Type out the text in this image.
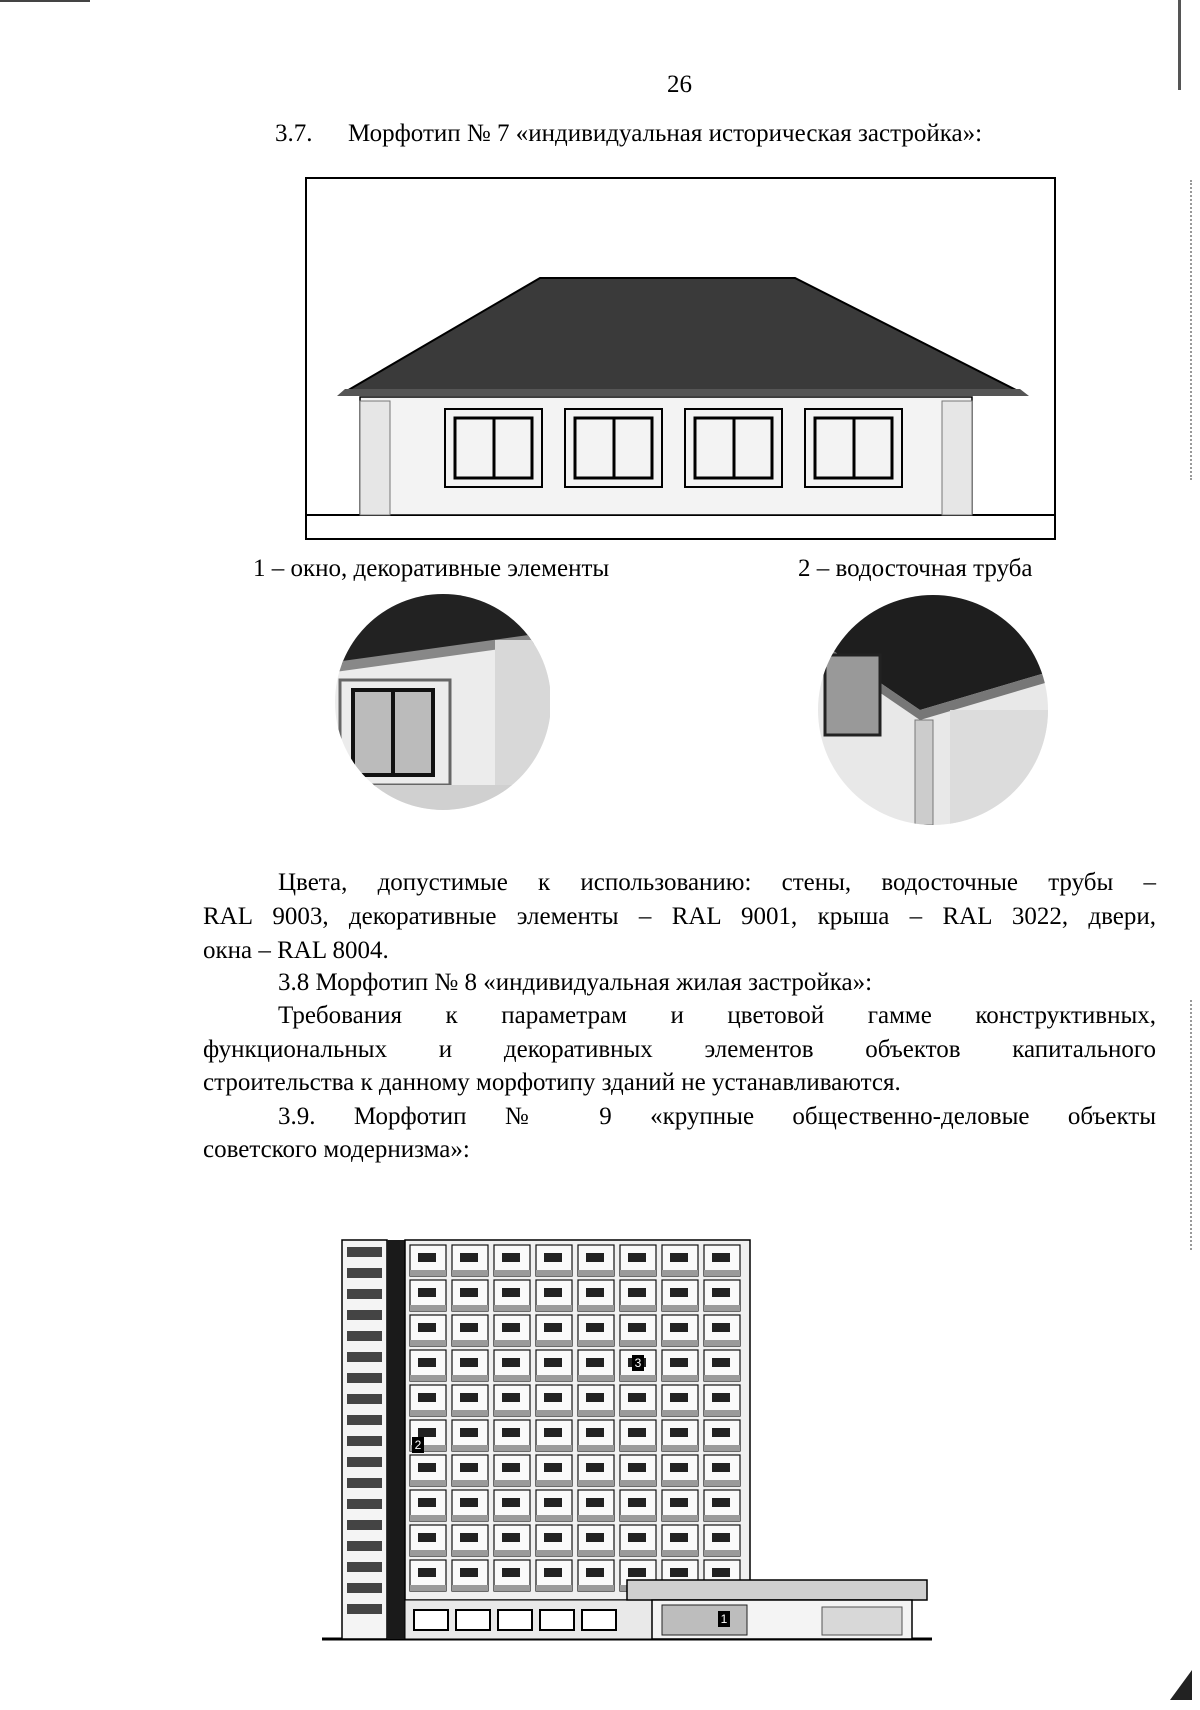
26
3.7. Морфотип № 7 «индивидуальная историческая застройка»:
1 – окно, декоративные элементы	2 – водосточная труба
Цвета, допустимые к использованию: стены, водосточные трубы –
RAL 9003, декоративные элементы – RAL 9001, крыша – RAL 3022, двери,
окна – RAL 8004.
3.8 Морфотип № 8 «индивидуальная жилая застройка»:
Требования к параметрам и цветовой гамме конструктивных,
функциональных и декоративных элементов объектов капитального
строительства к данному морфотипу зданий не устанавливаются.
3.9. Морфотип № 9 «крупные общественно-деловые объекты
советского модернизма»:
2
3
1
